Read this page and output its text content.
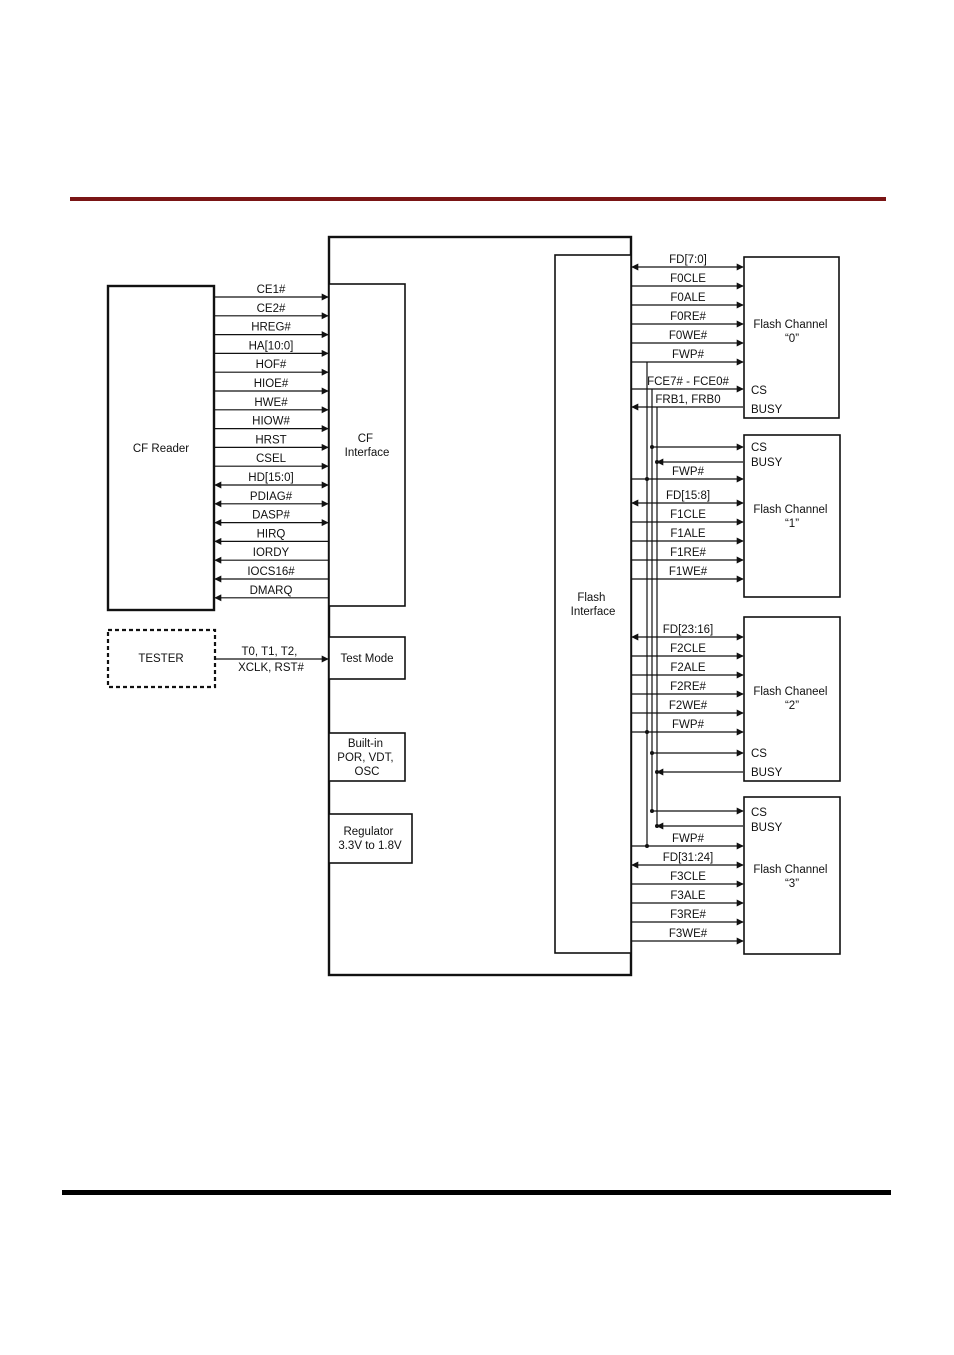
CF Reader
TESTER
CF Interface
Test Mode
Built-in POR, VDT, OSC
Regulator 3.3V to 1.8V
Flash Interface
Flash Channel “0”
Flash Channel “1”
Flash Chaneel “2”
Flash Channel “3”
CS
BUSY
CS
BUSY
CS
BUSY
CS
BUSY
T0, T1, T2, XCLK, RST#
CE1#
CE2#
HREG#
HA[10:0]
HOF#
HIOE#
HWE#
HIOW#
HRST
CSEL
HD[15:0]
PDIAG#
DASP#
HIRQ
IORDY
IOCS16#
DMARQ
FD[7:0]
F0CLE
F0ALE
F0RE#
F0WE#
FWP#
FCE7# - FCE0#
FRB1, FRB0
FWP#
FD[15:8]
F1CLE
F1ALE
F1RE#
F1WE#
FD[23:16]
F2CLE
F2ALE
F2RE#
F2WE#
FWP#
FWP#
FD[31:24]
F3CLE
F3ALE
F3RE#
F3WE#
